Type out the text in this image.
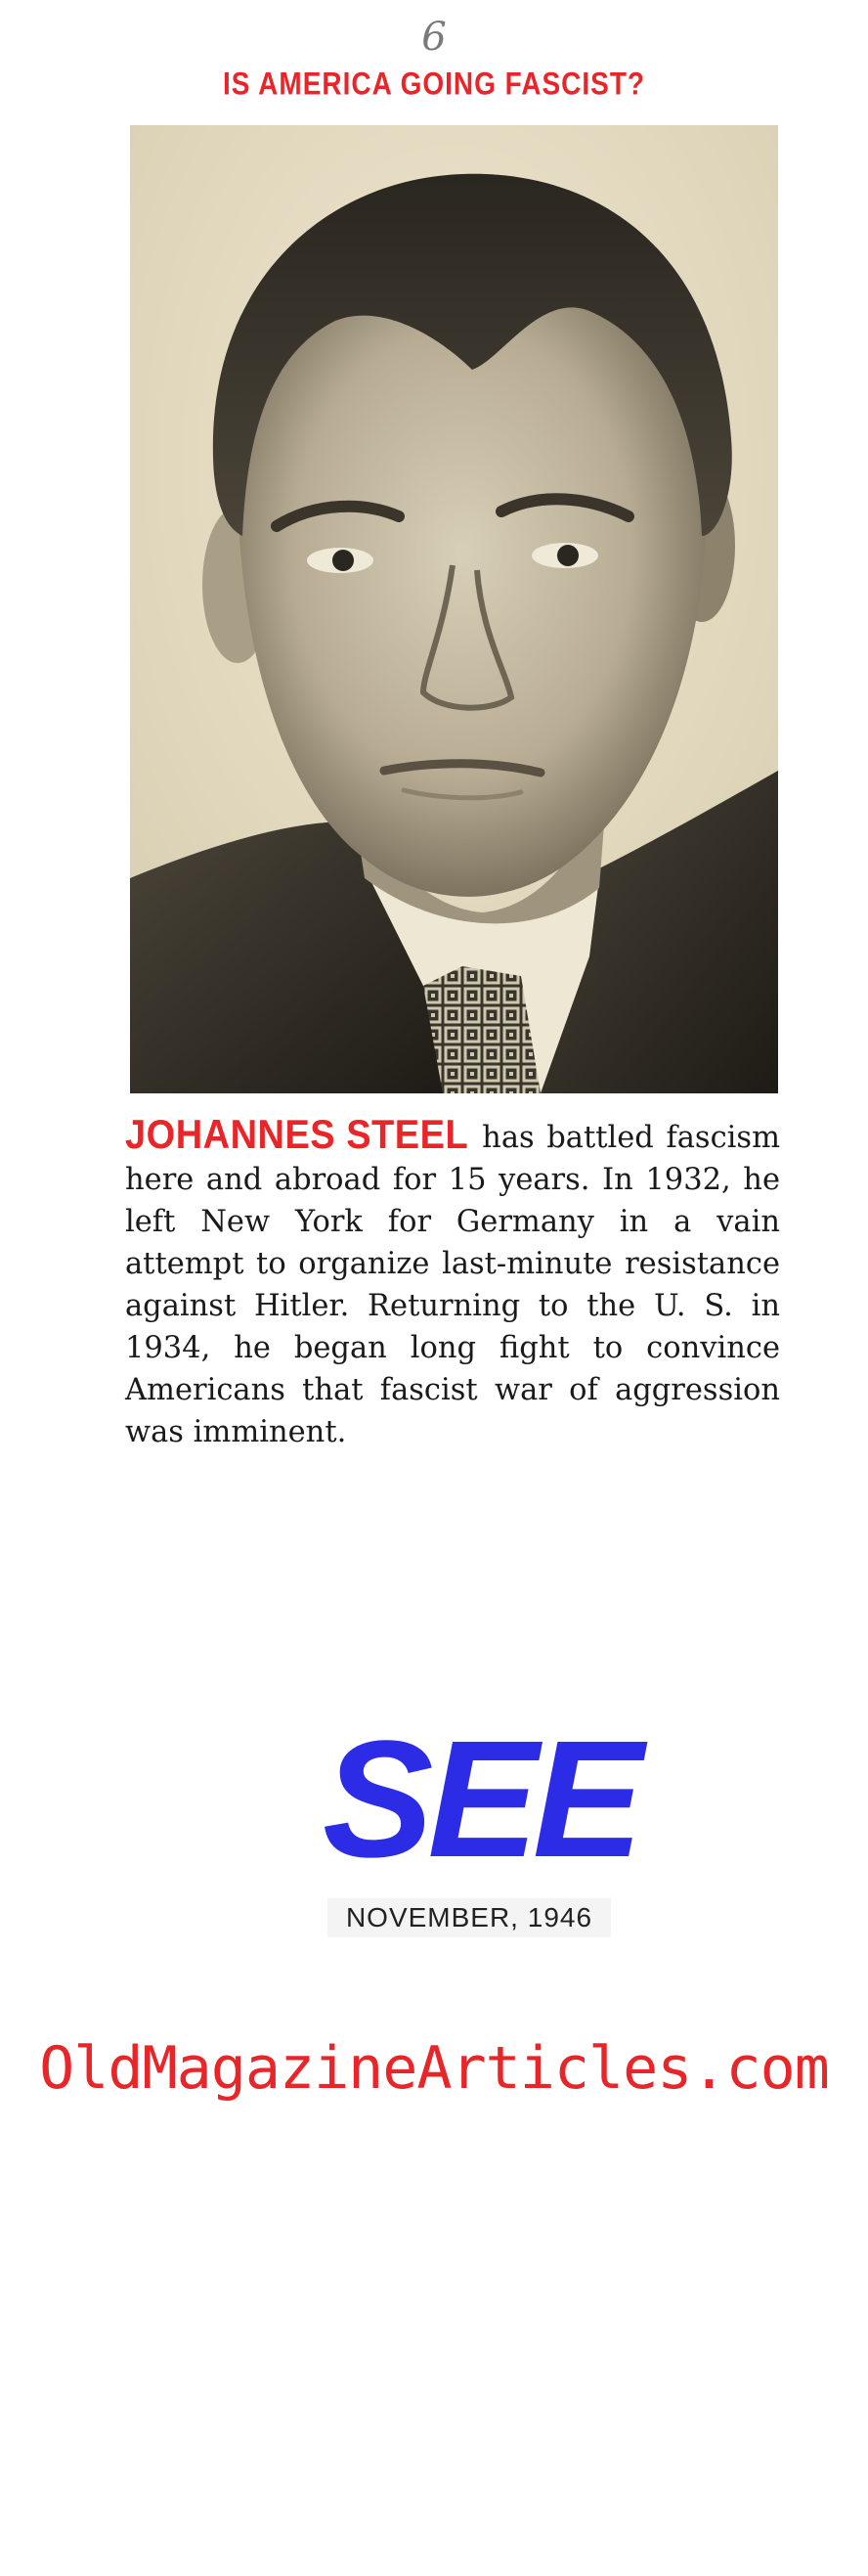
6
IS AMERICA GOING FASCIST?
JOHANNES STEEL has battled fascism here and abroad for 15 years. In 1932, he left New York for Germany in a vain attempt to organize last-minute resistance against Hitler. Returning to the U. S. in 1934, he began long fight to convince Americans that fascist war of aggression was imminent.
SEE
NOVEMBER, 1946
OldMagazineArticles.com
